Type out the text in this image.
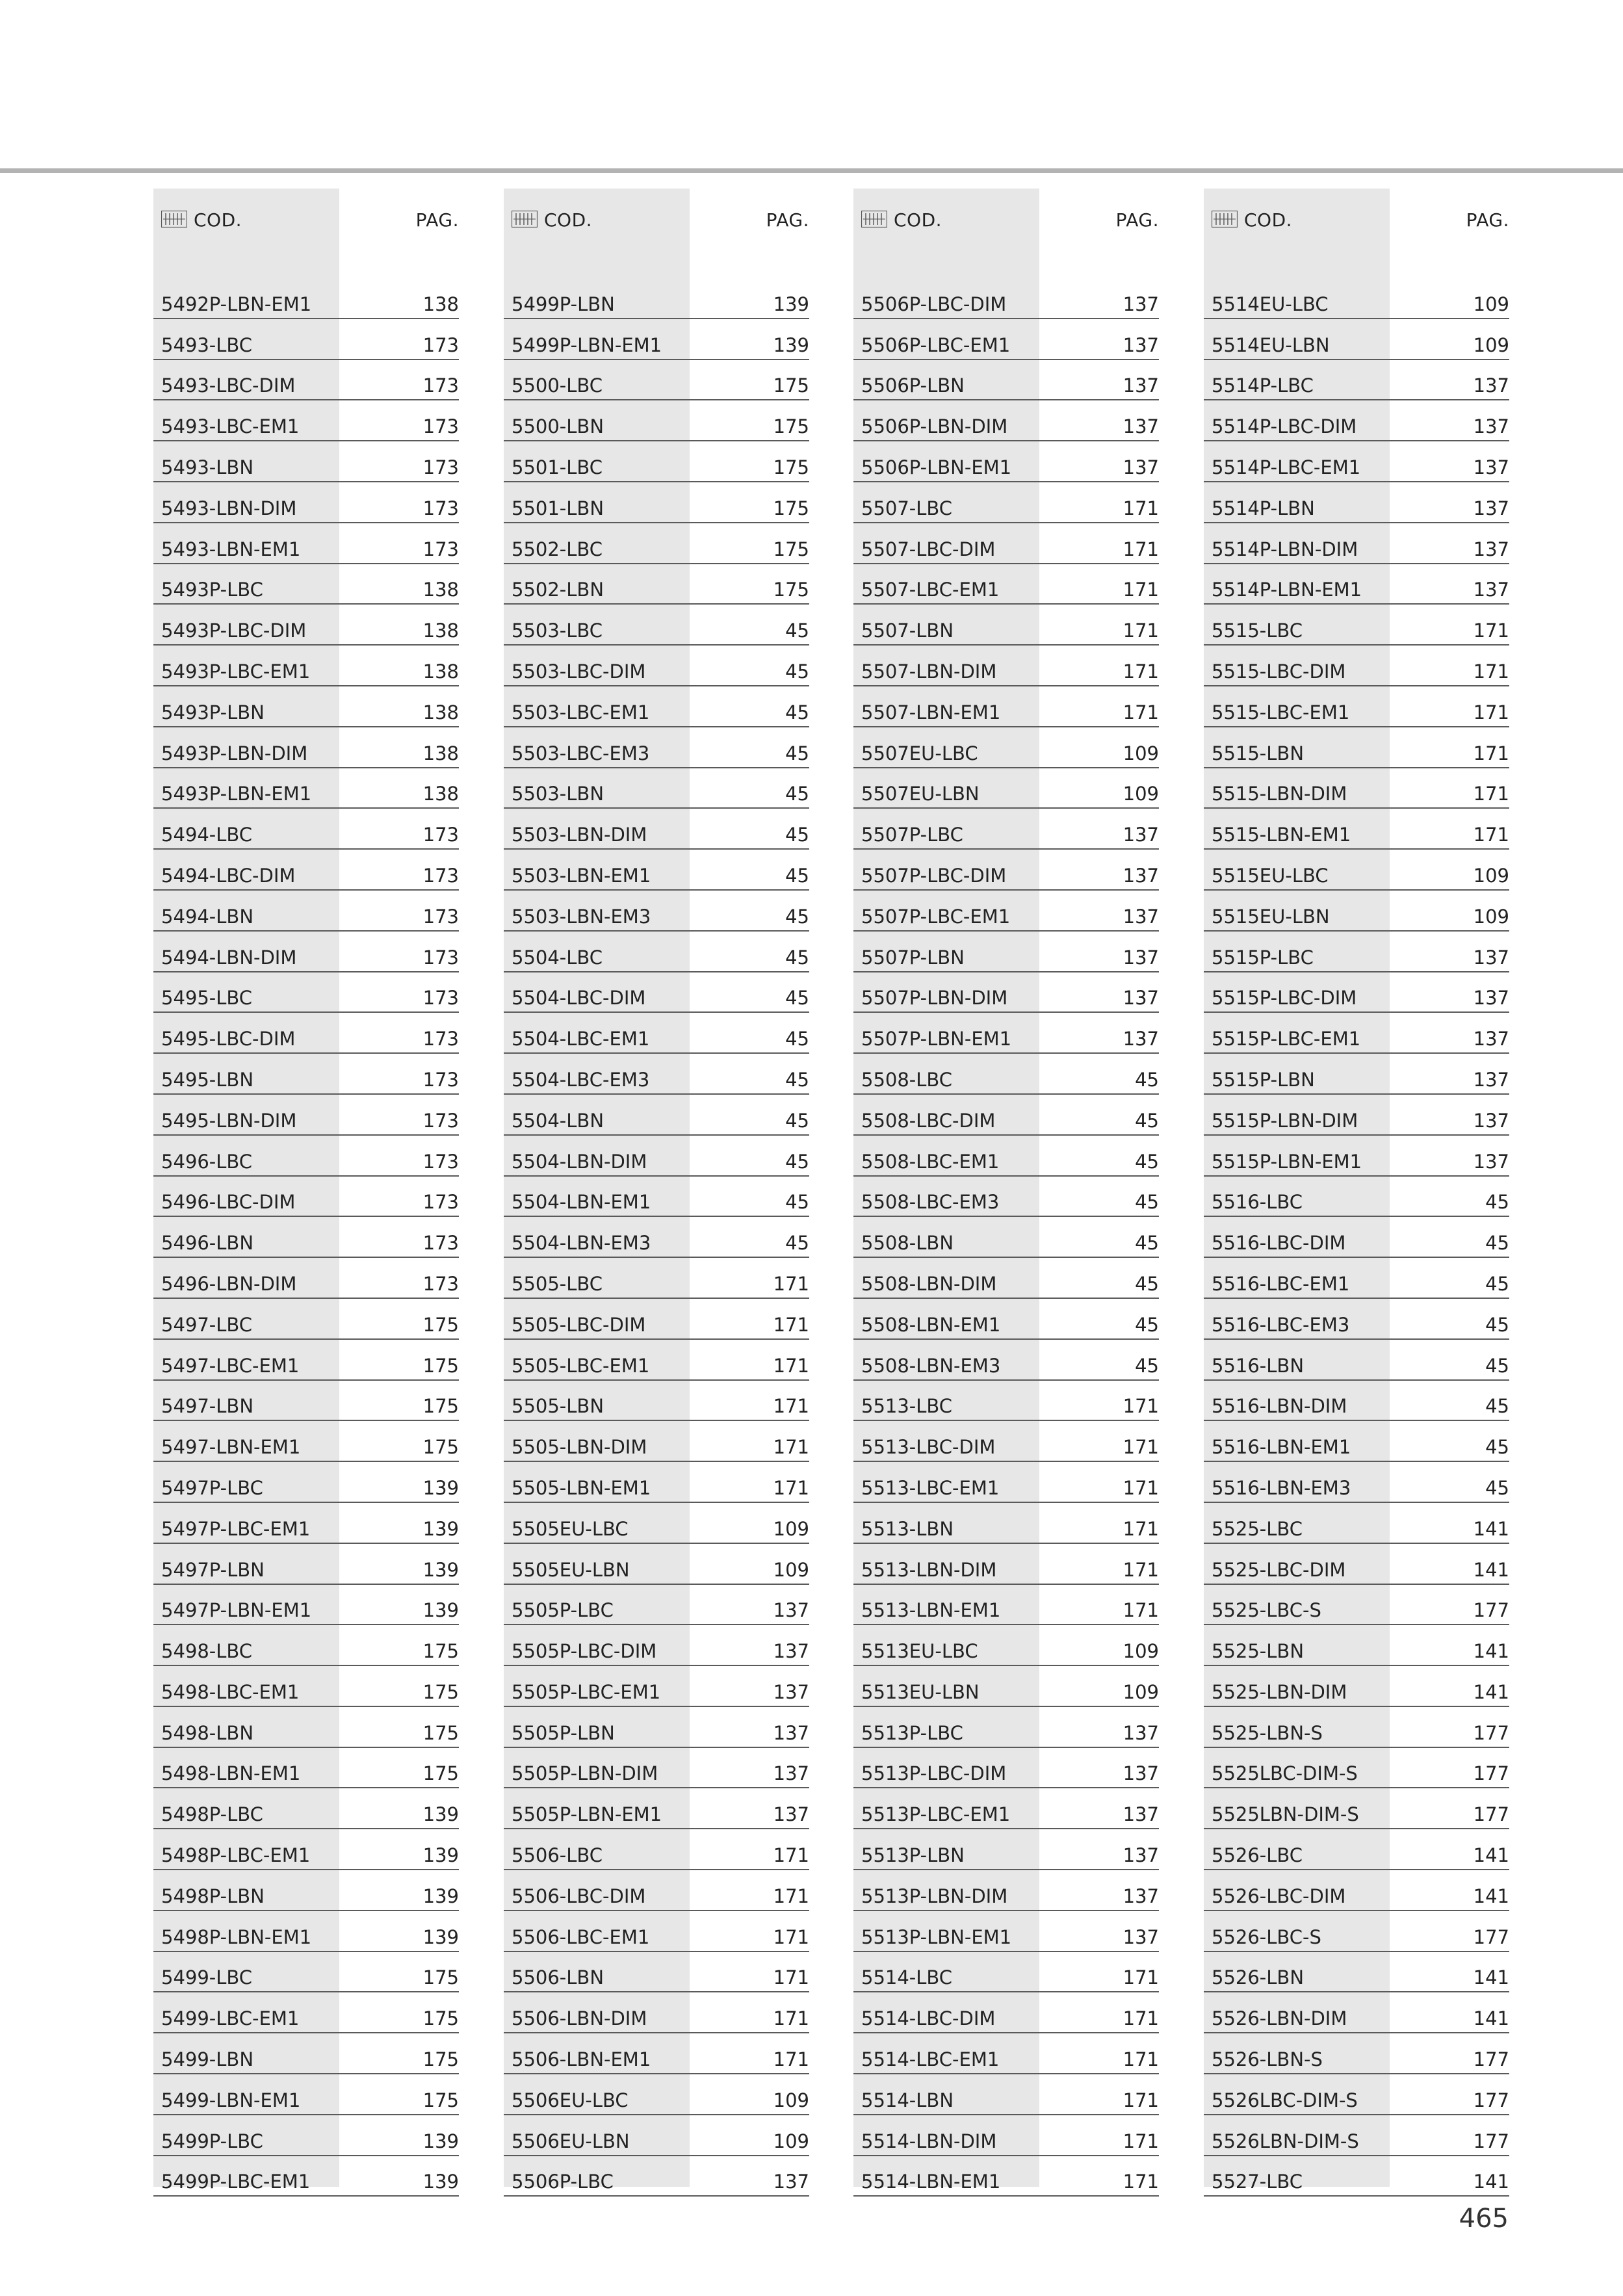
COD.	PAG.
5492P-LBN-EM1	138
5493-LBC	173
5493-LBC-DIM	173
5493-LBC-EM1	173
5493-LBN	173
5493-LBN-DIM	173
5493-LBN-EM1	173
5493P-LBC	138
5493P-LBC-DIM	138
5493P-LBC-EM1	138
5493P-LBN	138
5493P-LBN-DIM	138
5493P-LBN-EM1	138
5494-LBC	173
5494-LBC-DIM	173
5494-LBN	173
5494-LBN-DIM	173
5495-LBC	173
5495-LBC-DIM	173
5495-LBN	173
5495-LBN-DIM	173
5496-LBC	173
5496-LBC-DIM	173
5496-LBN	173
5496-LBN-DIM	173
5497-LBC	175
5497-LBC-EM1	175
5497-LBN	175
5497-LBN-EM1	175
5497P-LBC	139
5497P-LBC-EM1	139
5497P-LBN	139
5497P-LBN-EM1	139
5498-LBC	175
5498-LBC-EM1	175
5498-LBN	175
5498-LBN-EM1	175
5498P-LBC	139
5498P-LBC-EM1	139
5498P-LBN	139
5498P-LBN-EM1	139
5499-LBC	175
5499-LBC-EM1	175
5499-LBN	175
5499-LBN-EM1	175
5499P-LBC	139
5499P-LBC-EM1	139
COD.	PAG.
5499P-LBN	139
5499P-LBN-EM1	139
5500-LBC	175
5500-LBN	175
5501-LBC	175
5501-LBN	175
5502-LBC	175
5502-LBN	175
5503-LBC	45
5503-LBC-DIM	45
5503-LBC-EM1	45
5503-LBC-EM3	45
5503-LBN	45
5503-LBN-DIM	45
5503-LBN-EM1	45
5503-LBN-EM3	45
5504-LBC	45
5504-LBC-DIM	45
5504-LBC-EM1	45
5504-LBC-EM3	45
5504-LBN	45
5504-LBN-DIM	45
5504-LBN-EM1	45
5504-LBN-EM3	45
5505-LBC	171
5505-LBC-DIM	171
5505-LBC-EM1	171
5505-LBN	171
5505-LBN-DIM	171
5505-LBN-EM1	171
5505EU-LBC	109
5505EU-LBN	109
5505P-LBC	137
5505P-LBC-DIM	137
5505P-LBC-EM1	137
5505P-LBN	137
5505P-LBN-DIM	137
5505P-LBN-EM1	137
5506-LBC	171
5506-LBC-DIM	171
5506-LBC-EM1	171
5506-LBN	171
5506-LBN-DIM	171
5506-LBN-EM1	171
5506EU-LBC	109
5506EU-LBN	109
5506P-LBC	137
COD.	PAG.
5506P-LBC-DIM	137
5506P-LBC-EM1	137
5506P-LBN	137
5506P-LBN-DIM	137
5506P-LBN-EM1	137
5507-LBC	171
5507-LBC-DIM	171
5507-LBC-EM1	171
5507-LBN	171
5507-LBN-DIM	171
5507-LBN-EM1	171
5507EU-LBC	109
5507EU-LBN	109
5507P-LBC	137
5507P-LBC-DIM	137
5507P-LBC-EM1	137
5507P-LBN	137
5507P-LBN-DIM	137
5507P-LBN-EM1	137
5508-LBC	45
5508-LBC-DIM	45
5508-LBC-EM1	45
5508-LBC-EM3	45
5508-LBN	45
5508-LBN-DIM	45
5508-LBN-EM1	45
5508-LBN-EM3	45
5513-LBC	171
5513-LBC-DIM	171
5513-LBC-EM1	171
5513-LBN	171
5513-LBN-DIM	171
5513-LBN-EM1	171
5513EU-LBC	109
5513EU-LBN	109
5513P-LBC	137
5513P-LBC-DIM	137
5513P-LBC-EM1	137
5513P-LBN	137
5513P-LBN-DIM	137
5513P-LBN-EM1	137
5514-LBC	171
5514-LBC-DIM	171
5514-LBC-EM1	171
5514-LBN	171
5514-LBN-DIM	171
5514-LBN-EM1	171
COD.	PAG.
5514EU-LBC	109
5514EU-LBN	109
5514P-LBC	137
5514P-LBC-DIM	137
5514P-LBC-EM1	137
5514P-LBN	137
5514P-LBN-DIM	137
5514P-LBN-EM1	137
5515-LBC	171
5515-LBC-DIM	171
5515-LBC-EM1	171
5515-LBN	171
5515-LBN-DIM	171
5515-LBN-EM1	171
5515EU-LBC	109
5515EU-LBN	109
5515P-LBC	137
5515P-LBC-DIM	137
5515P-LBC-EM1	137
5515P-LBN	137
5515P-LBN-DIM	137
5515P-LBN-EM1	137
5516-LBC	45
5516-LBC-DIM	45
5516-LBC-EM1	45
5516-LBC-EM3	45
5516-LBN	45
5516-LBN-DIM	45
5516-LBN-EM1	45
5516-LBN-EM3	45
5525-LBC	141
5525-LBC-DIM	141
5525-LBC-S	177
5525-LBN	141
5525-LBN-DIM	141
5525-LBN-S	177
5525LBC-DIM-S	177
5525LBN-DIM-S	177
5526-LBC	141
5526-LBC-DIM	141
5526-LBC-S	177
5526-LBN	141
5526-LBN-DIM	141
5526-LBN-S	177
5526LBC-DIM-S	177
5526LBN-DIM-S	177
5527-LBC	141
465
